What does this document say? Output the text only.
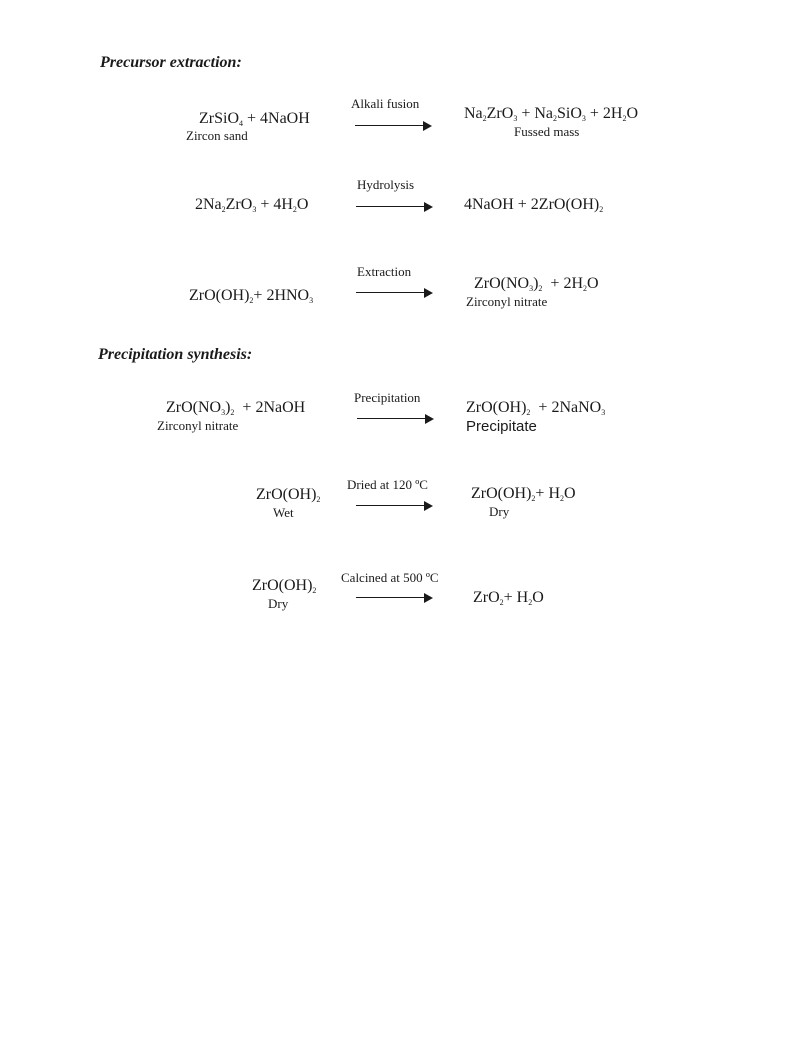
Precursor extraction:
ZrSiO$_4$ + 4NaOH
Zircon sand
Alkali fusion
$Na_2ZrO_3 + Na_2SiO_3 + 2H_2O$
Fussed mass
$2Na_2ZrO_3 + 4H_2O$
Hydrolysis
4NaOH + $2ZrO(OH)_2$
$ZrO(OH)_2+ 2HNO_3$
Extraction
$ZrO(NO_3)_2 + 2H_2O$
Zirconyl nitrate
Precipitation synthesis:
$ZrO(NO_3)_2$  + 2NaOH
Zirconyl nitrate
Precipitation
$ZrO(OH)_2$  + 2NaNO$_3$
Precipitate
$ZrO(OH)_2$
Wet
Dried at 120 ºC
$ZrO(OH)_2+ H_2O$
Dry
$ZrO(OH)_2$
Dry
Calcined at 500 ºC
$ZrO_2+ H_2O$
